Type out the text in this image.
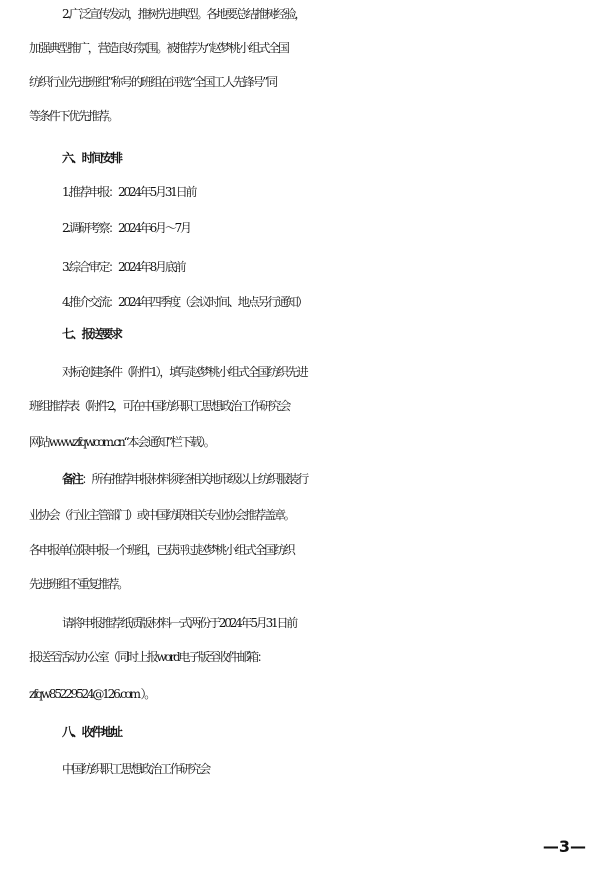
2.广泛宣传发动，推树先进典型。各地要总结推树经验，
加强典型推广，营造良好氛围。被推荐为“赵梦桃小组式全国
纺织行业先进班组”称号的班组在评选“全国工人先锋号”同
等条件下优先推荐。
六、时间安排
1.推荐申报：2024年5月31日前
2.调研考察：2024年6月～7月
3.综合审定：2024年8月底前
4.推介交流：2024年四季度（会议时间、地点另行通知）
七、报送要求
对标创建条件（附件1），填写赵梦桃小组式全国纺织先进
班组推荐表（附件2，可在中国纺织职工思想政治工作研究会
网站www.zfqw.com.cn“本会通知”栏下载）。
备注：所有推荐申报材料须经相关地市级以上纺织服装行
业协会（行业主管部门）或中国纺联相关专业协会推荐盖章。
各申报单位限申报一个班组，已获评过赵梦桃小组式全国纺织
先进班组不重复推荐。
请将申报推荐纸质版材料一式两份于2024年5月31日前
报送至活动办公室（同时上报word电子版至收件邮箱：
zfqw85229524@126.com ）。
八、收件地址
中国纺织职工思想政治工作研究会
—3—
